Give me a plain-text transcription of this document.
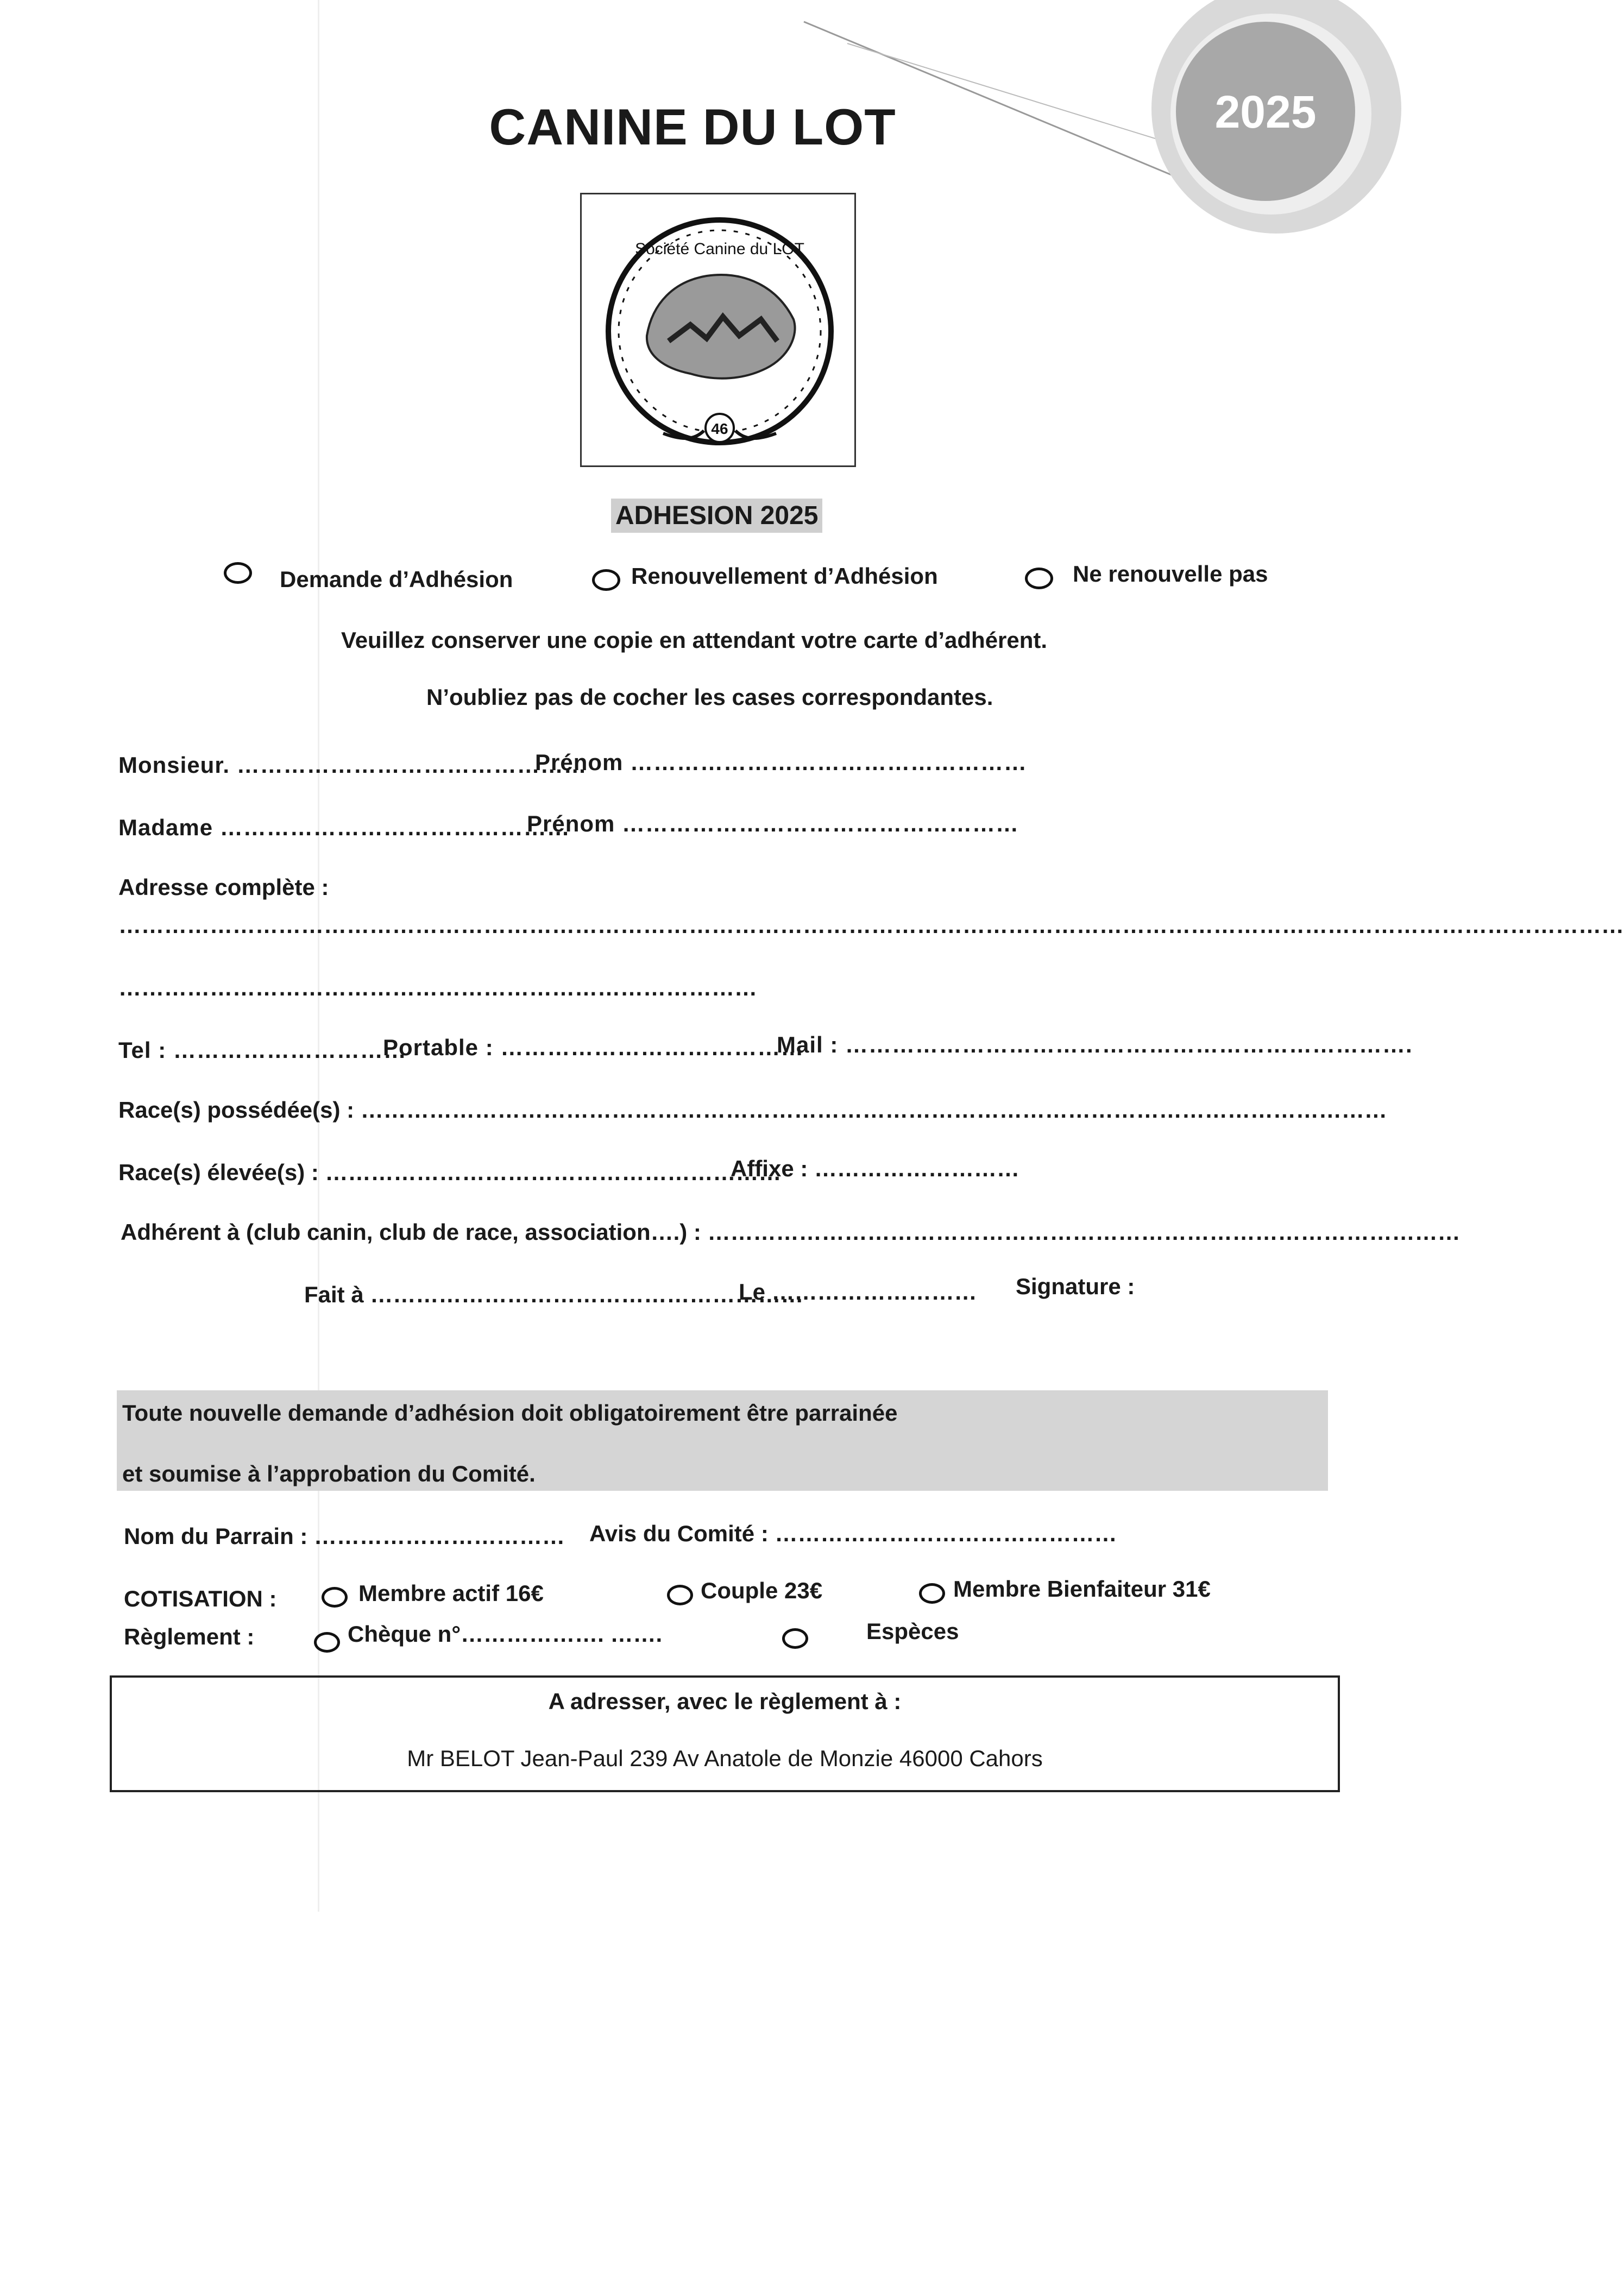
2025
CANINE DU LOT
Société Canine du LOT
46
ADHESION 2025
Demande d’Adhésion	Renouvellement d’Adhésion	Ne renouvelle pas
Veuillez conserver une copie en attendant votre carte d’adhérent.
N’oubliez pas de cocher les cases correspondantes.
Monsieur. ………………………………………
Prénom ……………………………………………
Madame ………………………………………
Prénom ……………………………………………
Adresse complète :
………………………………………………………………………………………………………………………………………………………………………………
…………………………………………………………………………
Tel : …………………………
Portable : …………………………………
Mail : ……………………………………………………………….
Race(s) possédée(s) : ………………………………………………………………………………………………………………………
Race(s) élevée(s) : ……………………………………………………
Affixe : ………………………
Adhérent à (club canin, club de race, association….) : ………………………………………………………………………………………
Fait à …………………………………………………
Le ……………………… Signature :
Toute nouvelle demande d’adhésion doit obligatoirement être parrainée
et soumise à l’approbation du Comité.
Nom du Parrain : …………………………… Avis du Comité : ………………………………………
COTISATION :	Membre actif 16€	Couple 23€	Membre Bienfaiteur 31€
Règlement :	Chèque n°………………. …….	Espèces
A adresser, avec le règlement à :
Mr BELOT Jean-Paul 239 Av Anatole de Monzie 46000 Cahors
